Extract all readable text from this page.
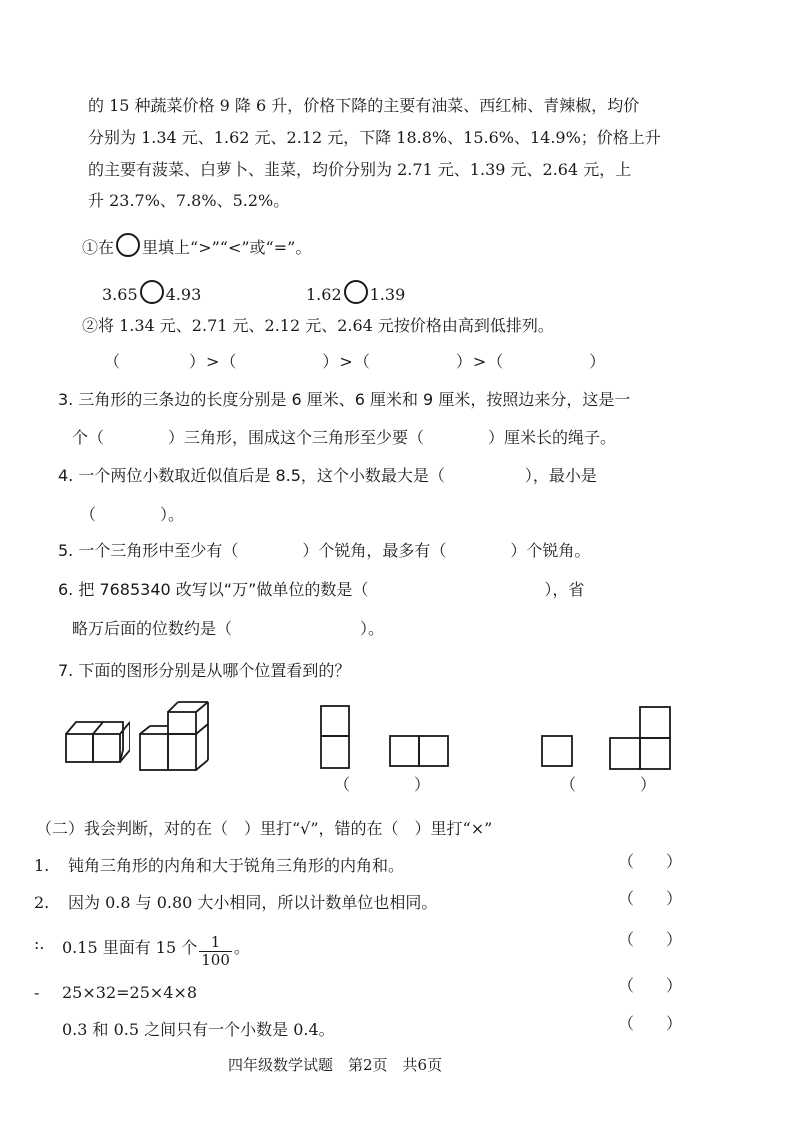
的 15 种蔬菜价格 9 降 6 升，价格下降的主要有油菜、西红柿、青辣椒，均价
分别为 1.34 元、1.62 元、2.12 元，下降 18.8%、15.6%、14.9%；价格上升
的主要有菠菜、白萝卜、韭菜，均价分别为 2.71 元、1.39 元、2.64 元，上
升 23.7%、7.8%、5.2%。
①在 里填上“>”“<”或“=”。
3.65 4.93	1.62 1.39
②将 1.34 元、2.71 元、2.12 元、2.64 元按价格由高到低排列。
（　　　　）>（　　　　　）>（　　　　　）>（　　　　　）
3. 三角形的三条边的长度分别是 6 厘米、6 厘米和 9 厘米，按照边来分，这是一
个（　　　　）三角形，围成这个三角形至少要（　　　　）厘米长的绳子。
4. 一个两位小数取近似值后是 8.5，这个小数最大是（　　　　　），最小是
（　　　　）。
5. 一个三角形中至少有（　　　　）个锐角，最多有（　　　　）个锐角。
6. 把 7685340 改写以“万”做单位的数是（　　　　　　　　　　　），省
略万后面的位数约是（　　　　　　　　）。
7. 下面的图形分别是从哪个位置看到的？
（　　　　）	（　　　　）
（二）我会判断，对的在（　）里打“√”，错的在（　）里打“×”
1. 钝角三角形的内角和大于锐角三角形的内角和。	（　　）
2. 因为 0.8 与 0.80 大小相同，所以计数单位也相同。	（　　）
:. 0.15 里面有 15 个 $\frac{1}{100}$ 。	（　　）
- 25×32=25×4×8	（　　）
0.3 和 0.5 之间只有一个小数是 0.4。	（　　）
四年级数学试题　第2页　共6页
